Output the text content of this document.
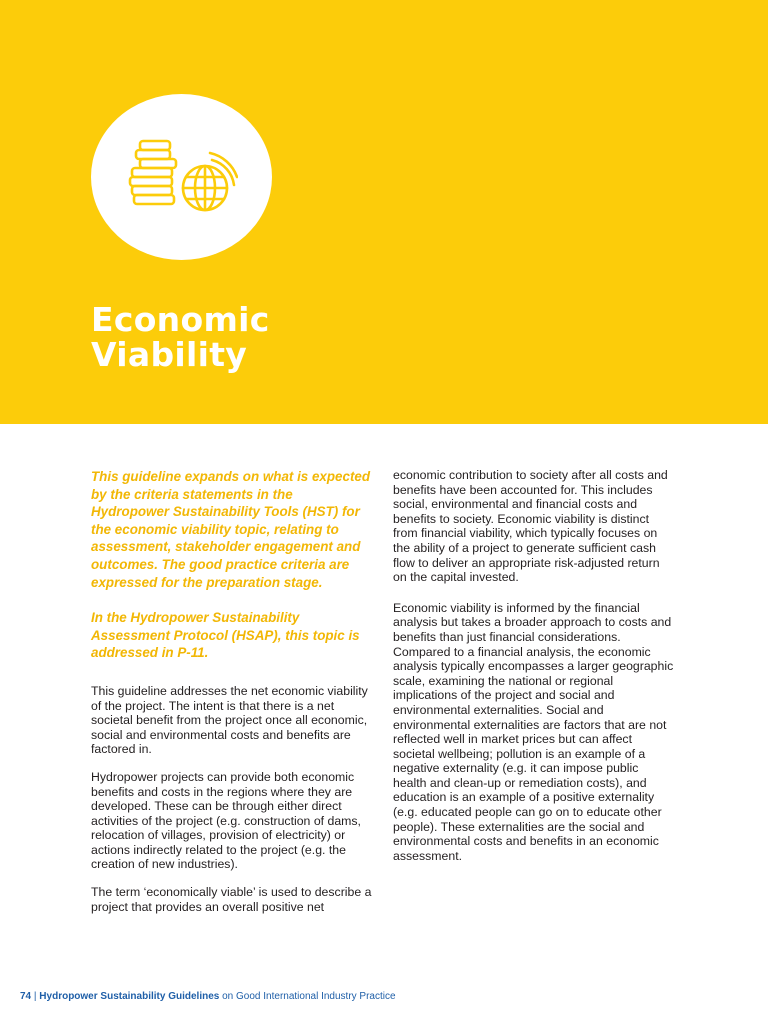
Economic
Viability

This guideline expands on what is expected by the criteria statements in the Hydropower Sustainability Tools (HST) for the economic viability topic, relating to assessment, stakeholder engagement and outcomes. The good practice criteria are expressed for the preparation stage.

In the Hydropower Sustainability Assessment Protocol (HSAP), this topic is addressed in P-11.

This guideline addresses the net economic viability of the project. The intent is that there is a net societal benefit from the project once all economic, social and environmental costs and benefits are factored in.

Hydropower projects can provide both economic benefits and costs in the regions where they are developed. These can be through either direct activities of the project (e.g. construction of dams, relocation of villages, provision of electricity) or actions indirectly related to the project (e.g. the creation of new industries).

The term ‘economically viable’ is used to describe a project that provides an overall positive net

economic contribution to society after all costs and benefits have been accounted for. This includes social, environmental and financial costs and benefits to society. Economic viability is distinct from financial viability, which typically focuses on the ability of a project to generate sufficient cash flow to deliver an appropriate risk-adjusted return on the capital invested.

Economic viability is informed by the financial analysis but takes a broader approach to costs and benefits than just financial considerations. Compared to a financial analysis, the economic analysis typically encompasses a larger geographic scale, examining the national or regional implications of the project and social and environmental externalities. Social and environmental externalities are factors that are not reflected well in market prices but can affect societal wellbeing; pollution is an example of a negative externality (e.g. it can impose public health and clean-up or remediation costs), and education is an example of a positive externality (e.g. educated people can go on to educate other people). These externalities are the social and environmental costs and benefits in an economic assessment.

74 | Hydropower Sustainability Guidelines on Good International Industry Practice
